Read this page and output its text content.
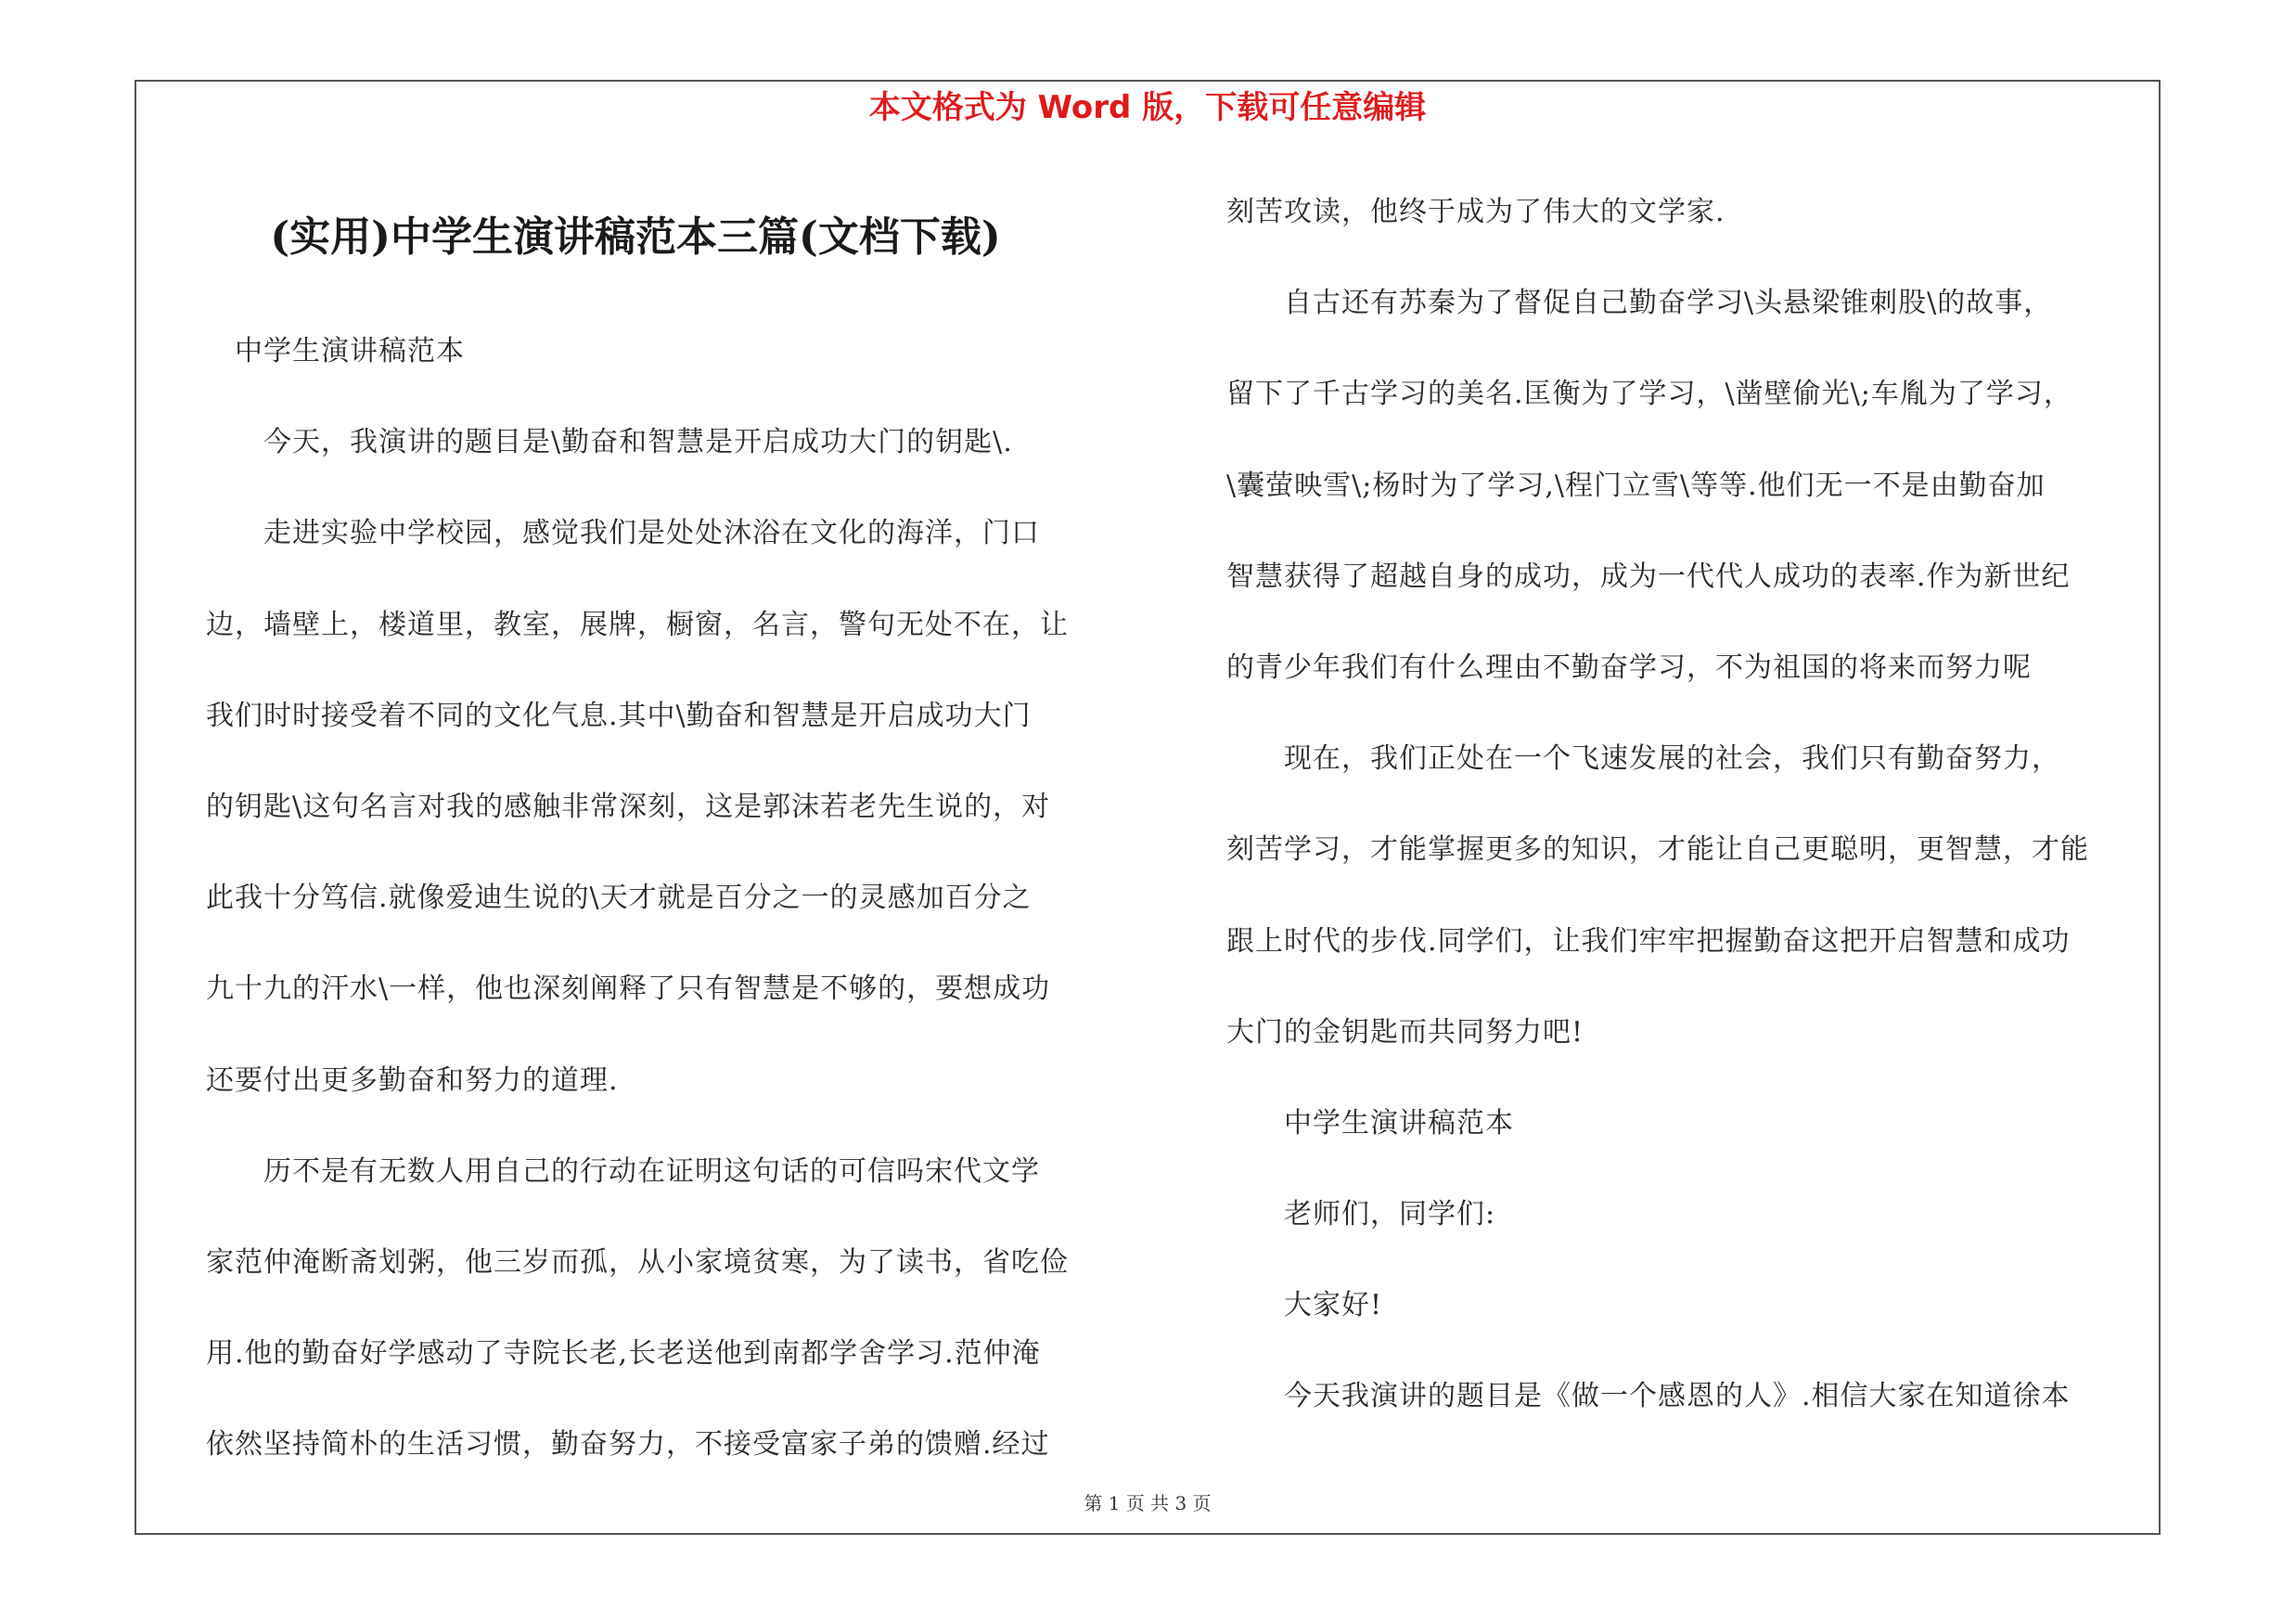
本文格式为 Word 版，下载可任意编辑
(实用)中学生演讲稿范本三篇(文档下载)
　中学生演讲稿范本
　　今天，我演讲的题目是\勤奋和智慧是开启成功大门的钥匙\.
　　走进实验中学校园，感觉我们是处处沐浴在文化的海洋，门口
边，墙壁上，楼道里，教室，展牌，橱窗，名言，警句无处不在，让
我们时时接受着不同的文化气息.其中\勤奋和智慧是开启成功大门
的钥匙\这句名言对我的感触非常深刻，这是郭沫若老先生说的，对
此我十分笃信.就像爱迪生说的\天才就是百分之一的灵感加百分之
九十九的汗水\一样，他也深刻阐释了只有智慧是不够的，要想成功
还要付出更多勤奋和努力的道理.
　　历不是有无数人用自己的行动在证明这句话的可信吗宋代文学
家范仲淹断斋划粥，他三岁而孤，从小家境贫寒，为了读书，省吃俭
用.他的勤奋好学感动了寺院长老,长老送他到南都学舍学习.范仲淹
依然坚持简朴的生活习惯，勤奋努力，不接受富家子弟的馈赠.经过
刻苦攻读，他终于成为了伟大的文学家.
　　自古还有苏秦为了督促自己勤奋学习\头悬梁锥刺股\的故事，
留下了千古学习的美名.匡衡为了学习，\凿壁偷光\;车胤为了学习，
\囊萤映雪\;杨时为了学习,\程门立雪\等等.他们无一不是由勤奋加
智慧获得了超越自身的成功，成为一代代人成功的表率.作为新世纪
的青少年我们有什么理由不勤奋学习，不为祖国的将来而努力呢
　　现在，我们正处在一个飞速发展的社会，我们只有勤奋努力，
刻苦学习，才能掌握更多的知识，才能让自己更聪明，更智慧，才能
跟上时代的步伐.同学们，让我们牢牢把握勤奋这把开启智慧和成功
大门的金钥匙而共同努力吧!
　　中学生演讲稿范本
　　老师们，同学们:
　　大家好!
　　今天我演讲的题目是《做一个感恩的人》.相信大家在知道徐本
第 1 页 共 3 页
